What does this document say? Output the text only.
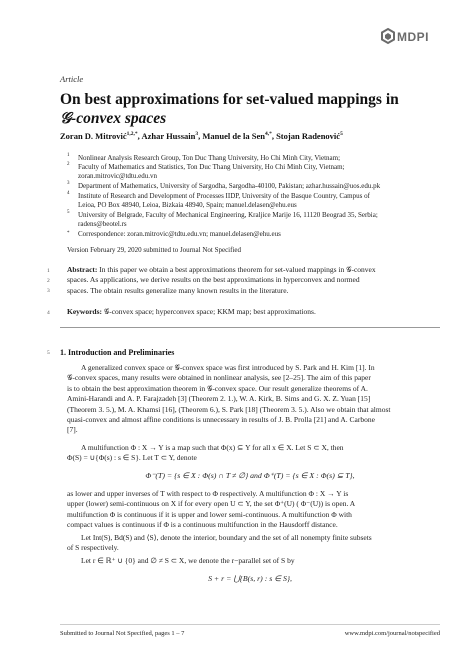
MDPI
Article
On best approximations for set-valued mappings in
𝒢-convex spaces
Zoran D. Mitrović$^{1,2,*}$, Azhar Hussain$^3$, Manuel de la Sen$^{4,*}$, Stojan Radenović$^5$
1 Nonlinear Analysis Research Group, Ton Duc Thang University, Ho Chi Minh City, Vietnam;
2 Faculty of Mathematics and Statistics, Ton Duc Thang University, Ho Chi Minh City, Vietnam;
zoran.mitrovic@tdtu.edu.vn
3 Department of Mathematics, University of Sargodha, Sargodha-40100, Pakistan; azhar.hussain@uos.edu.pk
4 Institute of Research and Development of Processes IIDP, University of the Basque Country, Campus of
Leioa, PO Box 48940, Leioa, Bizkaia 48940, Spain; manuel.delasen@ehu.eus
5 University of Belgrade, Faculty of Mechanical Engineering, Kraljice Marije 16, 11120 Beograd 35, Serbia;
radens@beotel.rs
* Correspondence: zoran.mitrovic@tdtu.edu.vn; manuel.delasen@ehu.eus
Version February 29, 2020 submitted to Journal Not Specified
1
2
3
Abstract: In this paper we obtain a best approximations theorem for set-valued mappings in 𝒢-convex
spaces. As applications, we derive results on the best approximations in hyperconvex and normed
spaces. The obtain results generalize many known results in the literature.
4 Keywords: 𝒢-convex space; hyperconvex space; KKM map; best approximations.
5 1. Introduction and Preliminaries
A generalized convex space or 𝒢-convex space was first introduced by S. Park and H. Kim [1]. In
𝒢-convex spaces, many results were obtained in nonlinear analysis, see [2–25]. The aim of this paper
is to obtain the best approximation theorem in 𝒢-convex space. Our result generalize theorems of A.
Amini-Harandi and A. P. Farajzadeh [3] (Theorem 2. 1.), W. A. Kirk, B. Sims and G. X. Z. Yuan [15]
(Theorem 3. 5.), M. A. Khamsi [16], (Theorem 6.), S. Park [18] (Theorem 3. 5.). Also we obtain that almost
quasi-convex and almost affine conditions is unnecessary in results of J. B. Prolla [21] and A. Carbone
[7].
A multifunction Φ : X → Y is a map such that Φ(x) ⊆ Y for all x ∈ X. Let S ⊂ X, then
Φ(S) = ∪{Φ(s) : s ∈ S}. Let T ⊂ Y, denote
Φ⁻(T) = {s ∈ X : Φ(s) ∩ T ≠ ∅} and Φ⁺(T) = {s ∈ X : Φ(s) ⊆ T},
as lower and upper inverses of T with respect to Φ respectively. A multifunction Φ : X → Y is
upper (lower) semi-continuous on X if for every open U ⊂ Y, the set Φ⁺(U) ( Φ⁻(U)) is open. A
multifunction Φ is continuous if it is upper and lower semi-continuous. A multifunction Φ with
compact values is continuous if Φ is a continuous multifunction in the Hausdorff distance.
Let Int(S), Bd(S) and ⟨S⟩, denote the interior, boundary and the set of all nonempty finite subsets
of S respectively.
Let r ∈ ℝ⁺ ∪ {0} and ∅ ≠ S ⊂ X, we denote the r−parallel set of S by
S + r = ⋃{B(s, r) : s ∈ S},
Submitted to Journal Not Specified, pages 1 – 7	www.mdpi.com/journal/notspecified
